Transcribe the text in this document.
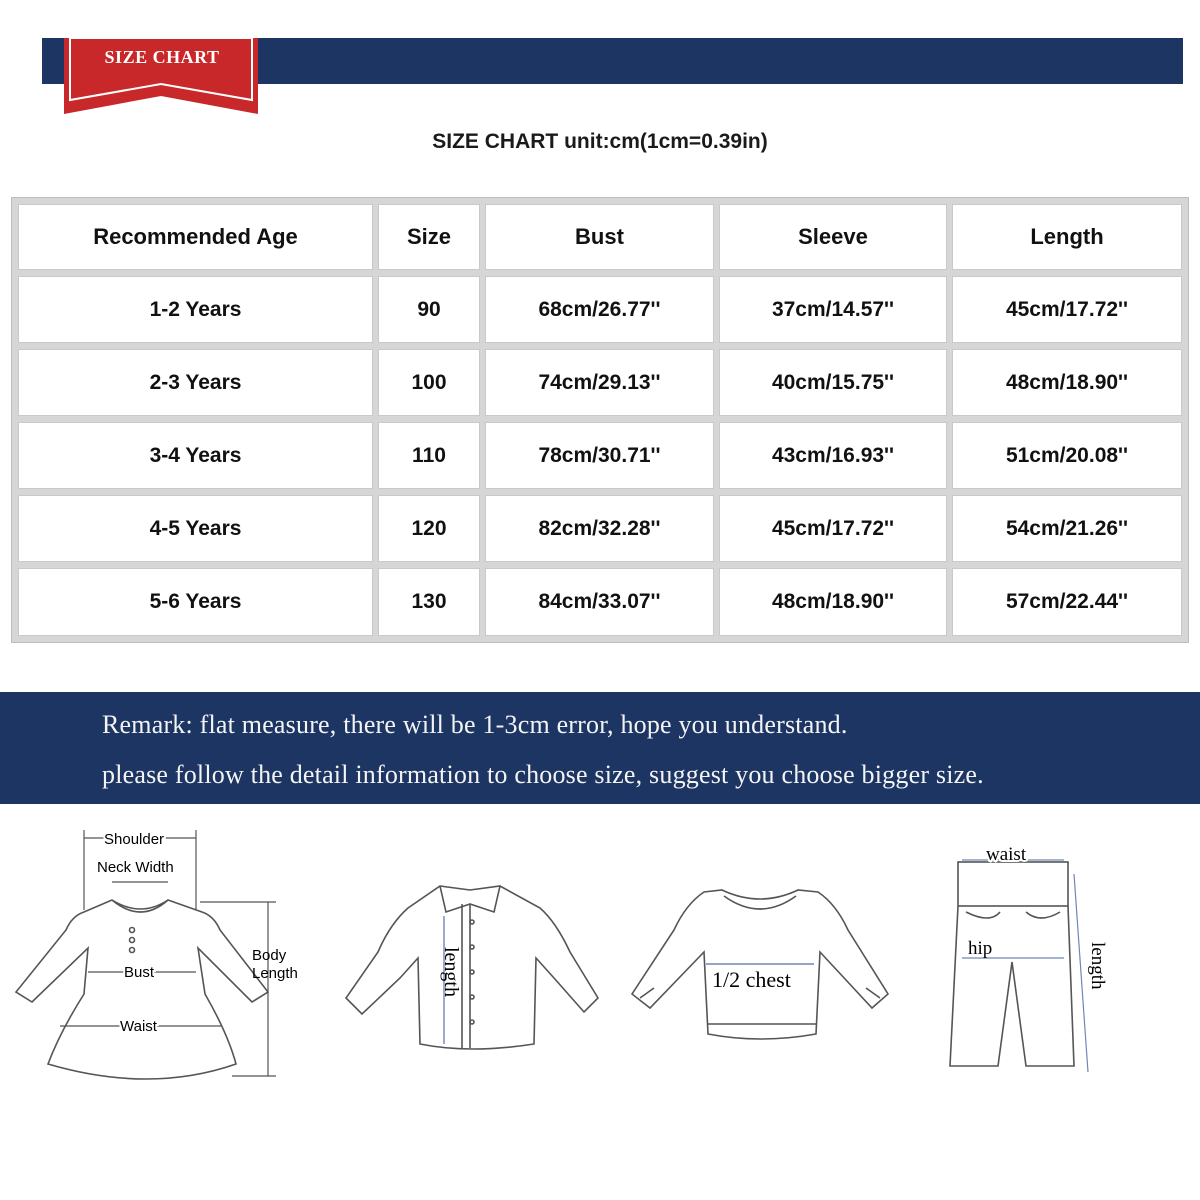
SIZE CHART
SIZE CHART unit:cm(1cm=0.39in)
Recommended Age	Size	Bust	Sleeve	Length
1-2 Years	90	68cm/26.77''	37cm/14.57''	45cm/17.72''
2-3 Years	100	74cm/29.13''	40cm/15.75''	48cm/18.90''
3-4 Years	110	78cm/30.71''	43cm/16.93''	51cm/20.08''
4-5 Years	120	82cm/32.28''	45cm/17.72''	54cm/21.26''
5-6 Years	130	84cm/33.07''	48cm/18.90''	57cm/22.44''
Remark: flat measure, there will be 1-3cm error, hope you understand.
please follow the detail information to choose size, suggest you choose bigger size.
Shoulder
Neck Width
Bust
Waist
Body
Length	length	1/2 chest
waist
hip	length
